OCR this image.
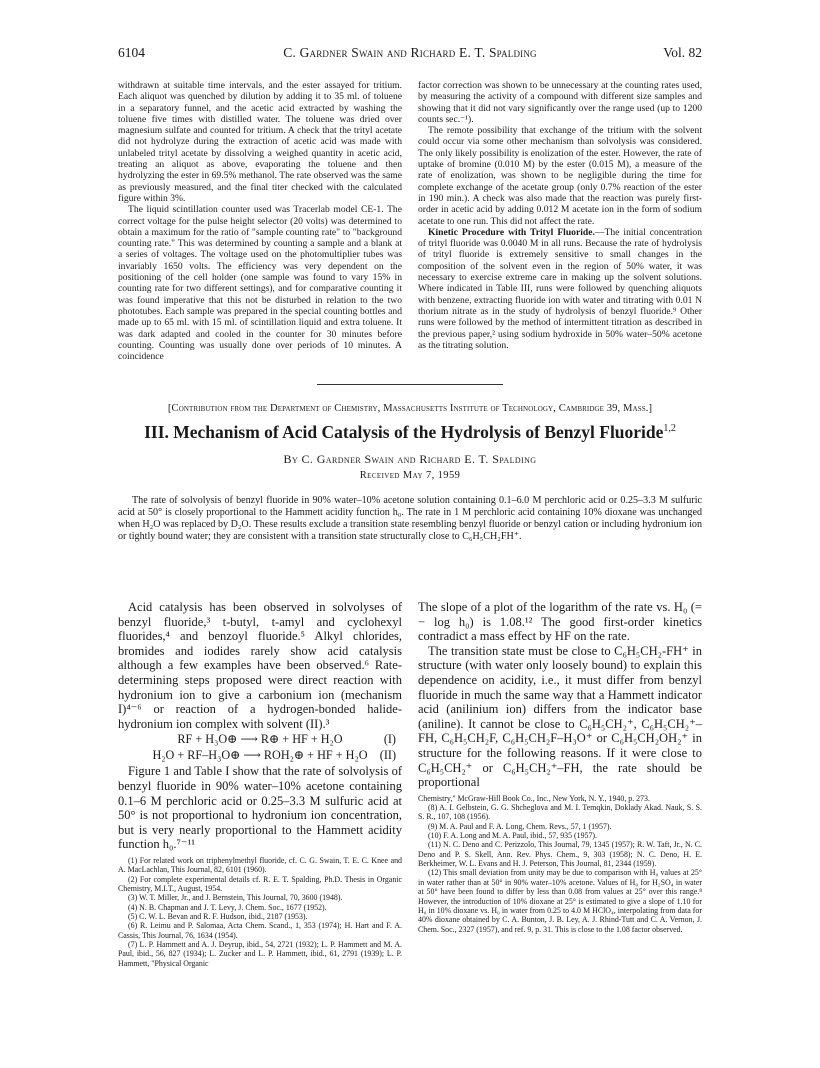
6104	C. Gardner Swain and Richard E. T. Spalding	Vol. 82

withdrawn at suitable time intervals, and the ester assayed for tritium. Each aliquot was quenched by dilution by adding it to 35 ml. of toluene in a separatory funnel, and the acetic acid extracted by washing the toluene five times with distilled water. The toluene was dried over magnesium sulfate and counted for tritium. A check that the trityl acetate did not hydrolyze during the extraction of acetic acid was made with unlabeled trityl acetate by dissolving a weighed quantity in acetic acid, treating an aliquot as above, evaporating the toluene and then hydrolyzing the ester in 69.5% methanol. The rate observed was the same as previously measured, and the final titer checked with the calculated figure within 3%.

The liquid scintillation counter used was Tracerlab model CE-1. The correct voltage for the pulse height selector (20 volts) was determined to obtain a maximum for the ratio of "sample counting rate" to "background counting rate." This was determined by counting a sample and a blank at a series of voltages. The voltage used on the photomultiplier tubes was invariably 1650 volts. The efficiency was very dependent on the positioning of the cell holder (one sample was found to vary 15% in counting rate for two different settings), and for comparative counting it was found imperative that this not be disturbed in relation to the two phototubes. Each sample was prepared in the special counting bottles and made up to 65 ml. with 15 ml. of scintillation liquid and extra toluene. It was dark adapted and cooled in the counter for 30 minutes before counting. Counting was usually done over periods of 10 minutes. A coincidence

factor correction was shown to be unnecessary at the counting rates used, by measuring the activity of a compound with different size samples and showing that it did not vary significantly over the range used (up to 1200 counts sec.⁻¹).

The remote possibility that exchange of the tritium with the solvent could occur via some other mechanism than solvolysis was considered. The only likely possibility is enolization of the ester. However, the rate of uptake of bromine (0.010 M) by the ester (0.015 M), a measure of the rate of enolization, was shown to be negligible during the time for complete exchange of the acetate group (only 0.7% reaction of the ester in 190 min.). A check was also made that the reaction was purely first-order in acetic acid by adding 0.012 M acetate ion in the form of sodium acetate to one run. This did not affect the rate.

Kinetic Procedure with Trityl Fluoride.—The initial concentration of trityl fluoride was 0.0040 M in all runs. Because the rate of hydrolysis of trityl fluoride is extremely sensitive to small changes in the composition of the solvent even in the region of 50% water, it was necessary to exercise extreme care in making up the solvent solutions. Where indicated in Table III, runs were followed by quenching aliquots with benzene, extracting fluoride ion with water and titrating with 0.01 N thorium nitrate as in the study of hydrolysis of benzyl fluoride.⁹ Other runs were followed by the method of intermittent titration as described in the previous paper,² using sodium hydroxide in 50% water–50% acetone as the titrating solution.

[Contribution from the Department of Chemistry, Massachusetts Institute of Technology, Cambridge 39, Mass.]
III. Mechanism of Acid Catalysis of the Hydrolysis of Benzyl Fluoride$^{1,2}$
By C. Gardner Swain and Richard E. T. Spalding
Received May 7, 1959

The rate of solvolysis of benzyl fluoride in 90% water–10% acetone solution containing 0.1–6.0 M perchloric acid or 0.25–3.3 M sulfuric acid at 50° is closely proportional to the Hammett acidity function h₀. The rate in 1 M perchloric acid containing 10% dioxane was unchanged when H₂O was replaced by D₂O. These results exclude a transition state resembling benzyl fluoride or benzyl cation or including hydronium ion or tightly bound water; they are consistent with a transition state structurally close to C₆H₅CH₂FH⁺.

Acid catalysis has been observed in solvolyses of benzyl fluoride,³ t-butyl, t-amyl and cyclohexyl fluorides,⁴ and benzoyl fluoride.⁵ Alkyl chlorides, bromides and iodides rarely show acid catalysis although a few examples have been observed.⁶ Rate-determining steps proposed were direct reaction with hydronium ion to give a carbonium ion (mechanism I)⁴⁻⁶ or reaction of a hydrogen-bonded halide-hydronium ion complex with solvent (II).³

RF + H₃O⊕ ⟶ R⊕ + HF + H₂O	(I)
H₂O + RF–H₃O⊕ ⟶ ROH₂⊕ + HF + H₂O (II)

Figure 1 and Table I show that the rate of solvolysis of benzyl fluoride in 90% water–10% acetone containing 0.1–6 M perchloric acid or 0.25–3.3 M sulfuric acid at 50° is not proportional to hydronium ion concentration, but is very nearly proportional to the Hammett acidity function h₀.⁷⁻¹¹

(1) For related work on triphenylmethyl fluoride, cf. C. G. Swain, T. E. C. Knee and A. MacLachlan, This Journal, 82, 6101 (1960).

(2) For complete experimental details cf. R. E. T. Spalding, Ph.D. Thesis in Organic Chemistry, M.I.T., August, 1954.

(3) W. T. Miller, Jr., and J. Bernstein, This Journal, 70, 3600 (1948).

(4) N. B. Chapman and J. T. Levy, J. Chem. Soc., 1677 (1952).

(5) C. W. L. Bevan and R. F. Hudson, ibid., 2187 (1953).

(6) R. Leimu and P. Salomaa, Acta Chem. Scand., 1, 353 (1974); H. Hart and F. A. Cassis, This Journal, 76, 1634 (1954).

(7) L. P. Hammett and A. J. Deyrup, ibid., 54, 2721 (1932); L. P. Hammett and M. A. Paul, ibid., 56, 827 (1934); L. Zucker and L. P. Hammett, ibid., 61, 2791 (1939); L. P. Hammett, "Physical Organic

The slope of a plot of the logarithm of the rate vs. H₀ (= − log h₀) is 1.08.¹² The good first-order kinetics contradict a mass effect by HF on the rate.

The transition state must be close to C₆H₅CH₂-FH⁺ in structure (with water only loosely bound) to explain this dependence on acidity, i.e., it must differ from benzyl fluoride in much the same way that a Hammett indicator acid (anilinium ion) differs from the indicator base (aniline). It cannot be close to C₆H₅CH₂⁺, C₆H₅CH₂⁺–FH, C₆H₅CH₂F, C₆H₅CH₂F–H₃O⁺ or C₆H₅CH₂OH₂⁺ in structure for the following reasons. If it were close to C₆H₅CH₂⁺ or C₆H₅CH₂⁺–FH, the rate should be proportional

Chemistry," McGraw-Hill Book Co., Inc., New York, N. Y., 1940, p. 273.

(8) A. I. Gelbstein, G. G. Shcheglova and M. I. Temqkin, Doklady Akad. Nauk, S. S. S. R., 107, 108 (1956).

(9) M. A. Paul and F. A. Long, Chem. Revs., 57, 1 (1957).

(10) F. A. Long and M. A. Paul, ibid., 57, 935 (1957).

(11) N. C. Deno and C. Perizzolo, This Journal, 79, 1345 (1957); R. W. Taft, Jr., N. C. Deno and P. S. Skell, Ann. Rev. Phys. Chem., 9, 303 (1958); N. C. Deno, H. E. Berkheimer, W. L. Evans and H. J. Peterson, This Journal, 81, 2344 (1959).

(12) This small deviation from unity may be due to comparison with H₀ values at 25° in water rather than at 50° in 90% water–10% acetone. Values of H₀ for H₂SO₄ in water at 50° have been found to differ by less than 0.08 from values at 25° over this range.⁸ However, the introduction of 10% dioxane at 25° is estimated to give a slope of 1.10 for H₀ in 10% dioxane vs. H₀ in water from 0.25 to 4.0 M HClO₄, interpolating from data for 40% dioxane obtained by C. A. Bunton, J. B. Ley, A. J. Rhind-Tutt and C. A. Vernon, J. Chem. Soc., 2327 (1957), and ref. 9, p. 31. This is close to the 1.08 factor observed.
